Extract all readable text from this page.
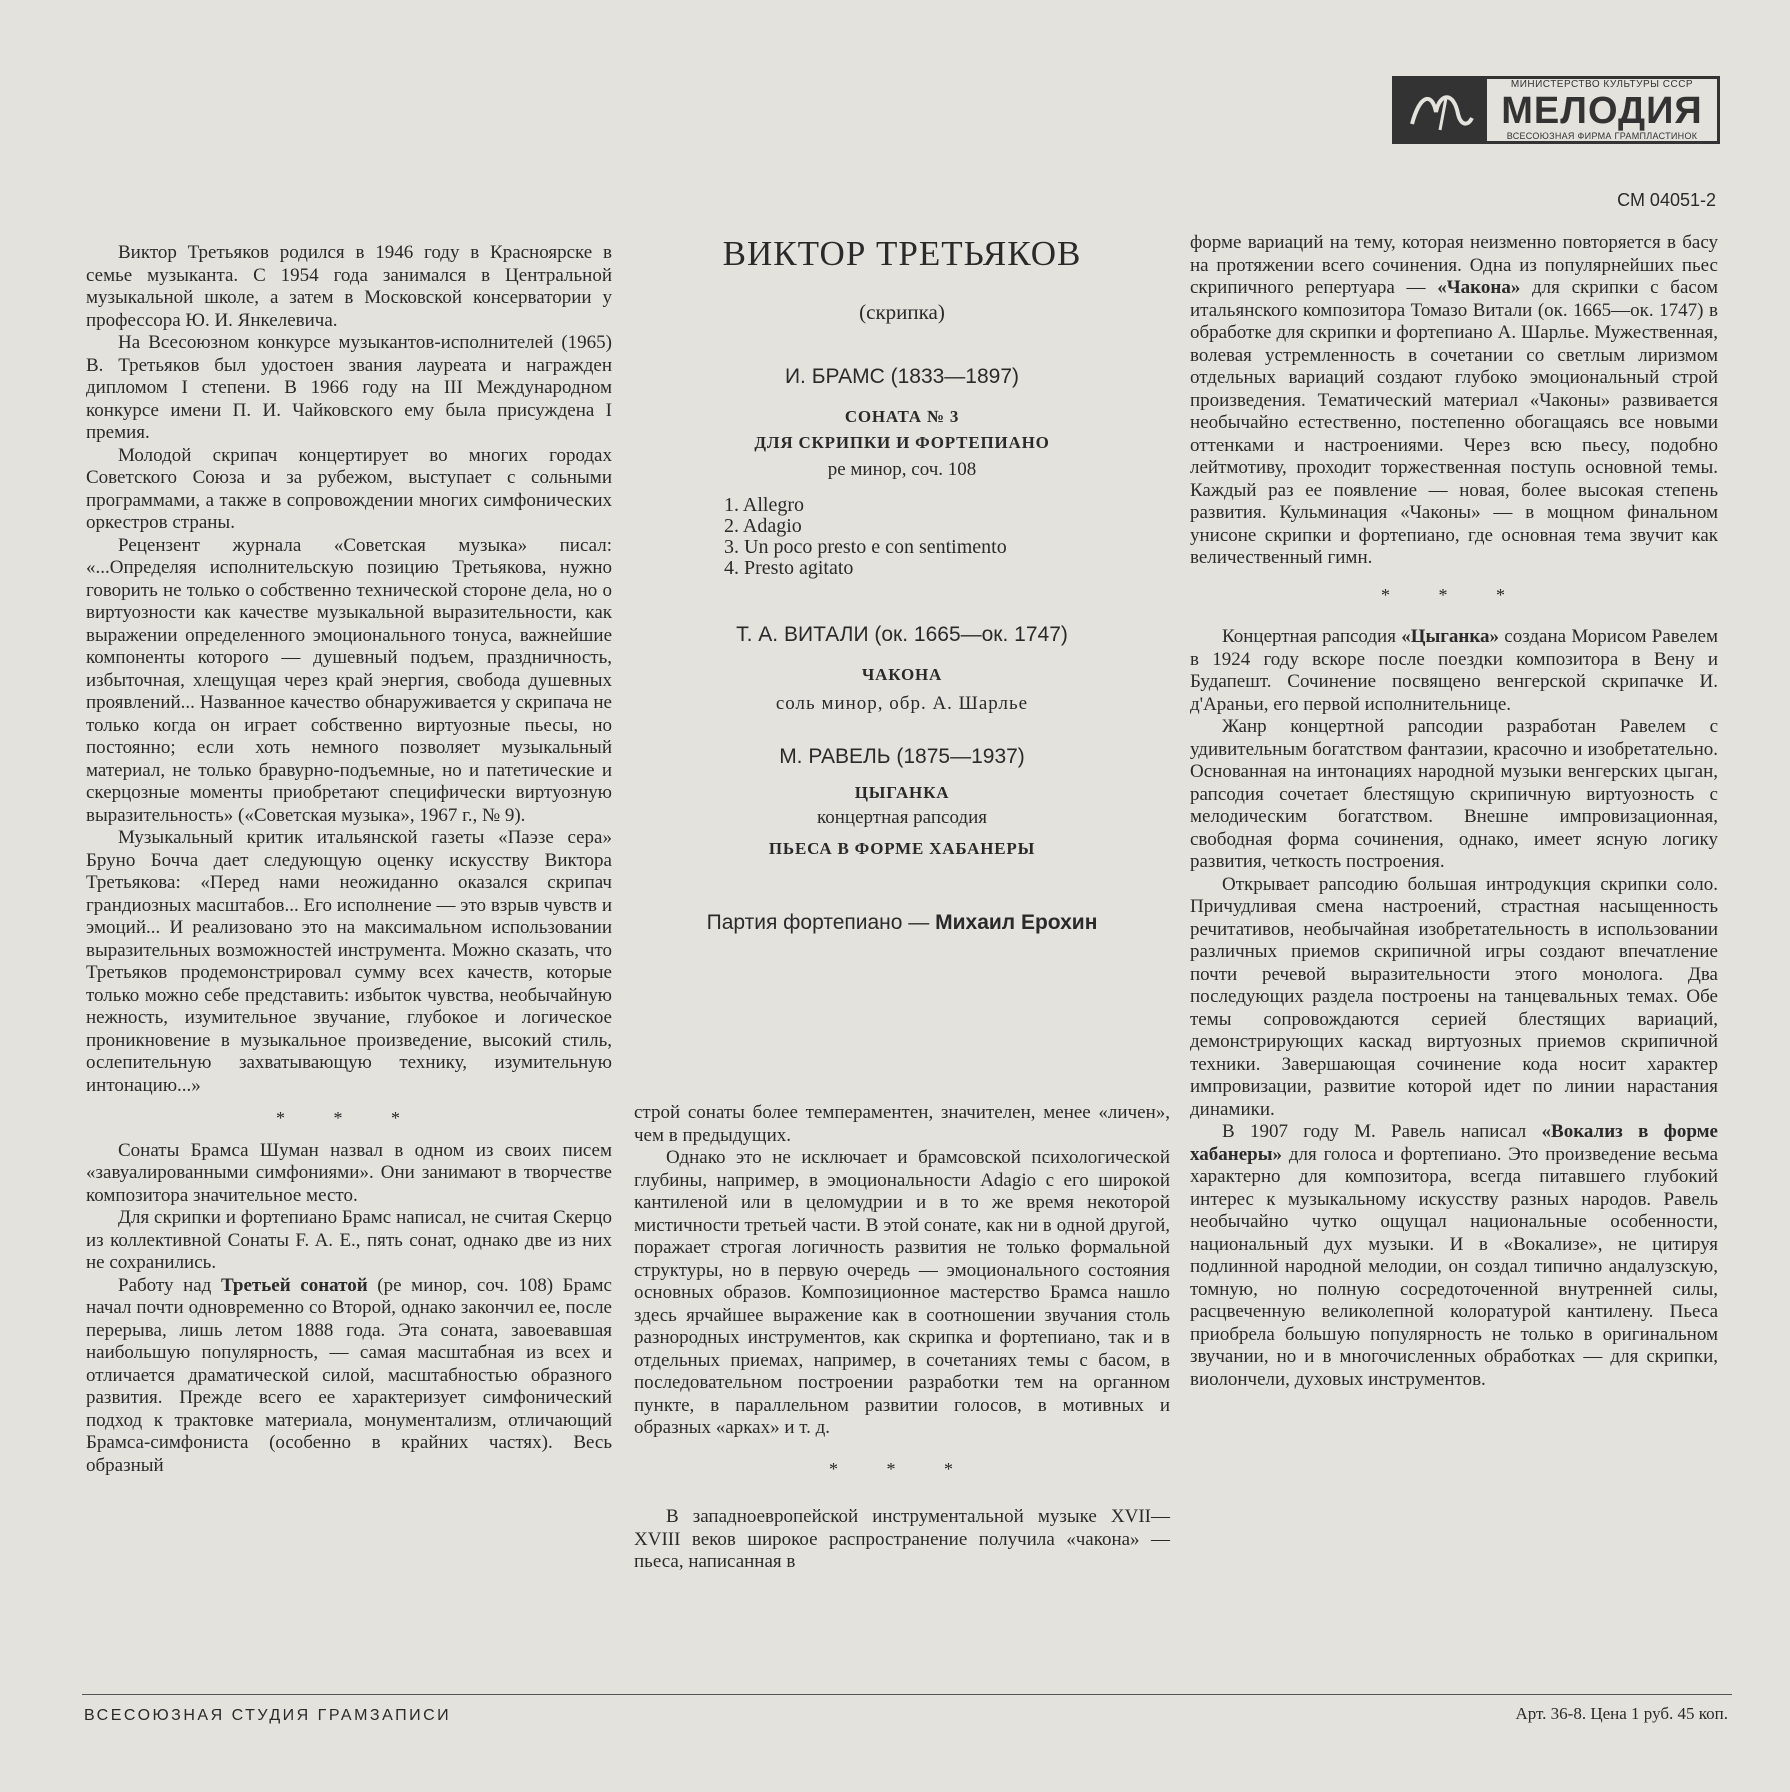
МИНИСТЕРСТВО КУЛЬТУРЫ СССР
МЕЛОДИЯ
ВСЕСОЮЗНАЯ ФИРМА ГРАМПЛАСТИНОК
СМ 04051-2

Виктор Третьяков родился в 1946 году в Красноярске в семье музыканта. С 1954 года занимался в Центральной музыкальной школе, а затем в Московской консерватории у профессора Ю. И. Янкелевича.

На Всесоюзном конкурсе музыкантов-исполнителей (1965) В. Третьяков был удостоен звания лауреата и награжден дипломом I степени. В 1966 году на III Международном конкурсе имени П. И. Чайковского ему была присуждена I премия.

Молодой скрипач концертирует во многих городах Советского Союза и за рубежом, выступает с сольными программами, а также в сопровождении многих симфонических оркестров страны.

Рецензент журнала «Советская музыка» писал: «...Определяя исполнительскую позицию Третьякова, нужно говорить не только о собственно технической стороне дела, но о виртуозности как качестве музыкальной выразительности, как выражении определенного эмоционального тонуса, важнейшие компоненты которого — душевный подъем, праздничность, избыточная, хлещущая через край энергия, свобода душевных проявлений... Названное качество обнаруживается у скрипача не только когда он играет собственно виртуозные пьесы, но постоянно; если хоть немного позволяет музыкальный материал, не только бравурно-подъемные, но и патетические и скерцозные моменты приобретают специфически виртуозную выразительность» («Советская музыка», 1967 г., № 9).

Музыкальный критик итальянской газеты «Паэзе сера» Бруно Бочча дает следующую оценку искусству Виктора Третьякова: «Перед нами неожиданно оказался скрипач грандиозных масштабов... Его исполнение — это взрыв чувств и эмоций... И реализовано это на максимальном использовании выразительных возможностей инструмента. Можно сказать, что Третьяков продемонстрировал сумму всех качеств, которые только можно себе представить: избыток чувства, необычайную нежность, изумительное звучание, глубокое и логическое проникновение в музыкальное произведение, высокий стиль, ослепительную захватывающую технику, изумительную интонацию...»

* * *

Сонаты Брамса Шуман назвал в одном из своих писем «завуалированными симфониями». Они занимают в творчестве композитора значительное место.

Для скрипки и фортепиано Брамс написал, не считая Скерцо из коллективной Сонаты F. A. E., пять сонат, однако две из них не сохранились.

Работу над Третьей сонатой (ре минор, соч. 108) Брамс начал почти одновременно со Второй, однако закончил ее, после перерыва, лишь летом 1888 года. Эта соната, завоевавшая наибольшую популярность, — самая масштабная из всех и отличается драматической силой, масштабностью образного развития. Прежде всего ее характеризует симфонический подход к трактовке материала, монументализм, отличающий Брамса-симфониста (особенно в крайних частях). Весь образный

ВИКТОР ТРЕТЬЯКОВ
(скрипка)
И. БРАМС (1833—1897)
СОНАТА № 3
ДЛЯ СКРИПКИ И ФОРТЕПИАНО
ре минор, соч. 108
1. Allegro
2. Adagio
3. Un poco presto e con sentimento
4. Presto agitato
Т. А. ВИТАЛИ (ок. 1665—ок. 1747)
ЧАКОНА
соль минор, обр. А. Шарлье
М. РАВЕЛЬ (1875—1937)
ЦЫГАНКА
концертная рапсодия
ПЬЕСА В ФОРМЕ ХАБАНЕРЫ
Партия фортепиано — Михаил Ерохин

строй сонаты более темпераментен, значителен, менее «личен», чем в предыдущих.

Однако это не исключает и брамсовской психологической глубины, например, в эмоциональности Adagio с его широкой кантиленой или в целомудрии и в то же время некоторой мистичности третьей части. В этой сонате, как ни в одной другой, поражает строгая логичность развития не только формальной структуры, но в первую очередь — эмоционального состояния основных образов. Композиционное мастерство Брамса нашло здесь ярчайшее выражение как в соотношении звучания столь разнородных инструментов, как скрипка и фортепиано, так и в отдельных приемах, например, в сочетаниях темы с басом, в последовательном построении разработки тем на органном пункте, в параллельном развитии голосов, в мотивных и образных «арках» и т. д.

* * *

В западноевропейской инструментальной музыке XVII—XVIII веков широкое распространение получила «чакона» — пьеса, написанная в

форме вариаций на тему, которая неизменно повторяется в басу на протяжении всего сочинения. Одна из популярнейших пьес скрипичного репертуара — «Чакона» для скрипки с басом итальянского композитора Томазо Витали (ок. 1665—ок. 1747) в обработке для скрипки и фортепиано А. Шарлье. Мужественная, волевая устремленность в сочетании со светлым лиризмом отдельных вариаций создают глубоко эмоциональный строй произведения. Тематический материал «Чаконы» развивается необычайно естественно, постепенно обогащаясь все новыми оттенками и настроениями. Через всю пьесу, подобно лейтмотиву, проходит торжественная поступь основной темы. Каждый раз ее появление — новая, более высокая степень развития. Кульминация «Чаконы» — в мощном финальном унисоне скрипки и фортепиано, где основная тема звучит как величественный гимн.

* * *

Концертная рапсодия «Цыганка» создана Морисом Равелем в 1924 году вскоре после поездки композитора в Вену и Будапешт. Сочинение посвящено венгерской скрипачке И. д'Араньи, его первой исполнительнице.

Жанр концертной рапсодии разработан Равелем с удивительным богатством фантазии, красочно и изобретательно. Основанная на интонациях народной музыки венгерских цыган, рапсодия сочетает блестящую скрипичную виртуозность с мелодическим богатством. Внешне импровизационная, свободная форма сочинения, однако, имеет ясную логику развития, четкость построения.

Открывает рапсодию большая интродукция скрипки соло. Причудливая смена настроений, страстная насыщенность речитативов, необычайная изобретательность в использовании различных приемов скрипичной игры создают впечатление почти речевой выразительности этого монолога. Два последующих раздела построены на танцевальных темах. Обе темы сопровождаются серией блестящих вариаций, демонстрирующих каскад виртуозных приемов скрипичной техники. Завершающая сочинение кода носит характер импровизации, развитие которой идет по линии нарастания динамики.

В 1907 году М. Равель написал «Вокализ в форме хабанеры» для голоса и фортепиано. Это произведение весьма характерно для композитора, всегда питавшего глубокий интерес к музыкальному искусству разных народов. Равель необычайно чутко ощущал национальные особенности, национальный дух музыки. И в «Вокализе», не цитируя подлинной народной мелодии, он создал типично андалузскую, томную, но полную сосредоточенной внутренней силы, расцвеченную великолепной колоратурой кантилену. Пьеса приобрела большую популярность не только в оригинальном звучании, но и в многочисленных обработках — для скрипки, виолончели, духовых инструментов.

ВСЕСОЮЗНАЯ СТУДИЯ ГРАМЗАПИСИ	Арт. 36-8. Цена 1 руб. 45 коп.
